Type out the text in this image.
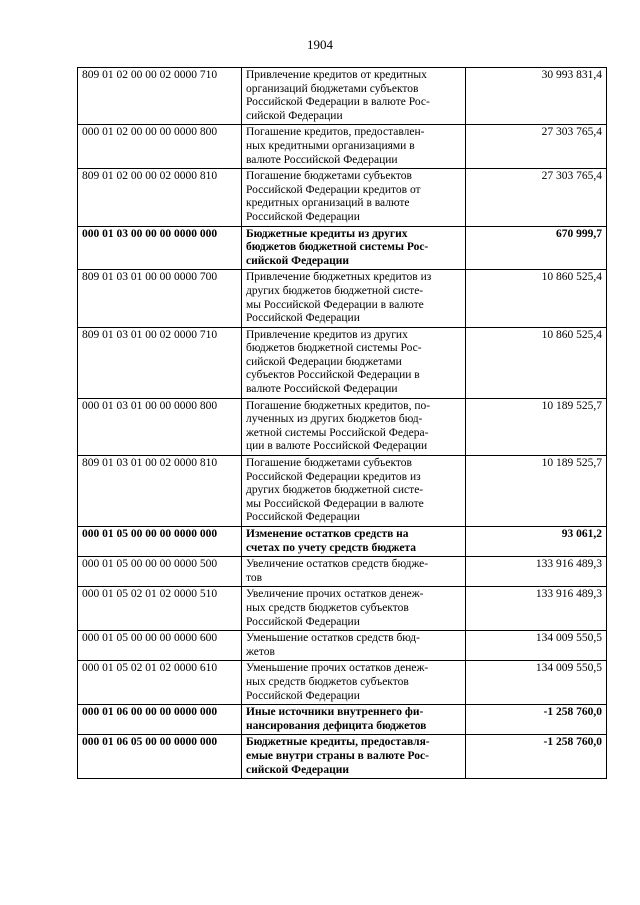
1904
809 01 02 00 00 02 0000 710	Привлечение кредитов от кредитных
организаций бюджетами субъектов
Российской Федерации в валюте Рос-
сийской Федерации	30 993 831,4
000 01 02 00 00 00 0000 800	Погашение кредитов, предоставлен-
ных кредитными организациями в
валюте Российской Федерации	27 303 765,4
809 01 02 00 00 02 0000 810	Погашение бюджетами субъектов
Российской Федерации кредитов от
кредитных организаций в валюте
Российской Федерации	27 303 765,4
000 01 03 00 00 00 0000 000	Бюджетные кредиты из других
бюджетов бюджетной системы Рос-
сийской Федерации	670 999,7
809 01 03 01 00 00 0000 700	Привлечение бюджетных кредитов из
других бюджетов бюджетной систе-
мы Российской Федерации в валюте
Российской Федерации	10 860 525,4
809 01 03 01 00 02 0000 710	Привлечение кредитов из других
бюджетов бюджетной системы Рос-
сийской Федерации бюджетами
субъектов Российской Федерации в
валюте Российской Федерации	10 860 525,4
000 01 03 01 00 00 0000 800	Погашение бюджетных кредитов, по-
лученных из других бюджетов бюд-
жетной системы Российской Федера-
ции в валюте Российской Федерации	10 189 525,7
809 01 03 01 00 02 0000 810	Погашение бюджетами субъектов
Российской Федерации кредитов из
других бюджетов бюджетной систе-
мы Российской Федерации в валюте
Российской Федерации	10 189 525,7
000 01 05 00 00 00 0000 000	Изменение остатков средств на
счетах по учету средств бюджета	93 061,2
000 01 05 00 00 00 0000 500	Увеличение остатков средств бюдже-
тов	133 916 489,3
000 01 05 02 01 02 0000 510	Увеличение прочих остатков денеж-
ных средств бюджетов субъектов
Российской Федерации	133 916 489,3
000 01 05 00 00 00 0000 600	Уменьшение остатков средств бюд-
жетов	134 009 550,5
000 01 05 02 01 02 0000 610	Уменьшение прочих остатков денеж-
ных средств бюджетов субъектов
Российской Федерации	134 009 550,5
000 01 06 00 00 00 0000 000	Иные источники внутреннего фи-
нансирования дефицита бюджетов	-1 258 760,0
000 01 06 05 00 00 0000 000	Бюджетные кредиты, предоставля-
емые внутри страны в валюте Рос-
сийской Федерации	-1 258 760,0
